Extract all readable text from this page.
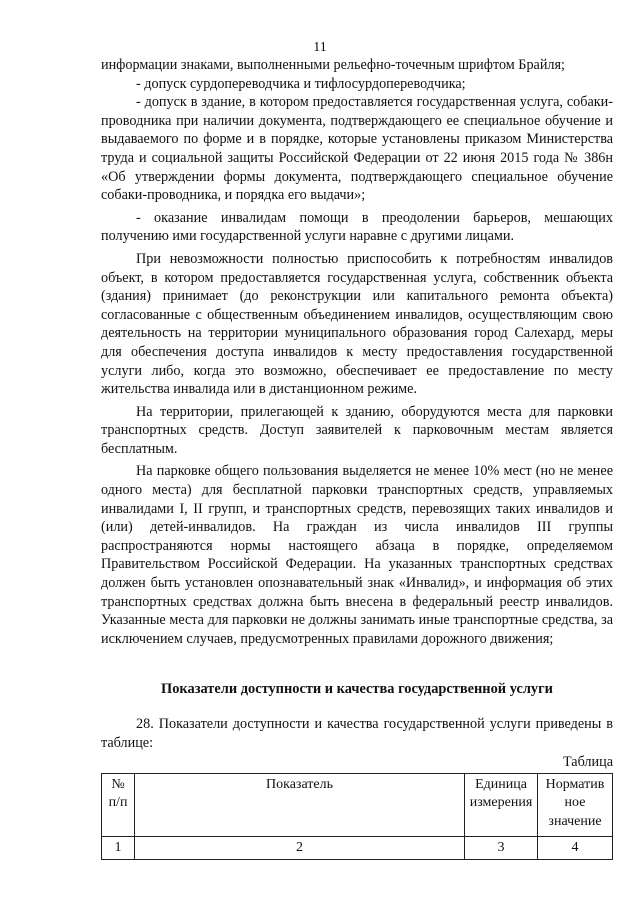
11

информации знаками, выполненными рельефно-точечным шрифтом Брайля;

- допуск сурдопереводчика и тифлосурдопереводчика;

- допуск в здание, в котором предоставляется государственная услуга, собаки-проводника при наличии документа, подтверждающего ее специальное обучение и выдаваемого по форме и в порядке, которые установлены приказом Министерства труда и социальной защиты Российской Федерации от 22 июня 2015 года № 386н «Об утверждении формы документа, подтверждающего специальное обучение собаки-проводника, и порядка его выдачи»;

- оказание инвалидам помощи в преодолении барьеров, мешающих получению ими государственной услуги наравне с другими лицами.

При невозможности полностью приспособить к потребностям инвалидов объект, в котором предоставляется государственная услуга, собственник объекта (здания) принимает (до реконструкции или капитального ремонта объекта) согласованные с общественным объединением инвалидов, осуществляющим свою деятельность на территории муниципального образования город Салехард, меры для обеспечения доступа инвалидов к месту предоставления государственной услуги либо, когда это возможно, обеспечивает ее предоставление по месту жительства инвалида или в дистанционном режиме.

На территории, прилегающей к зданию, оборудуются места для парковки транспортных средств. Доступ заявителей к парковочным местам является бесплатным.

На парковке общего пользования выделяется не менее 10% мест (но не менее одного места) для бесплатной парковки транспортных средств, управляемых инвалидами I, II групп, и транспортных средств, перевозящих таких инвалидов и (или) детей-инвалидов. На граждан из числа инвалидов III группы распространяются нормы настоящего абзаца в порядке, определяемом Правительством Российской Федерации. На указанных транспортных средствах должен быть установлен опознавательный знак «Инвалид», и информация об этих транспортных средствах должна быть внесена в федеральный реестр инвалидов. Указанные места для парковки не должны занимать иные транспортные средства, за исключением случаев, предусмотренных правилами дорожного движения;

Показатели доступности и качества государственной услуги

28. Показатели доступности и качества государственной услуги приведены в таблице:

Таблица
№ п/п	Показатель	Единица измерения	Норматив ное значение
1	2	3	4
